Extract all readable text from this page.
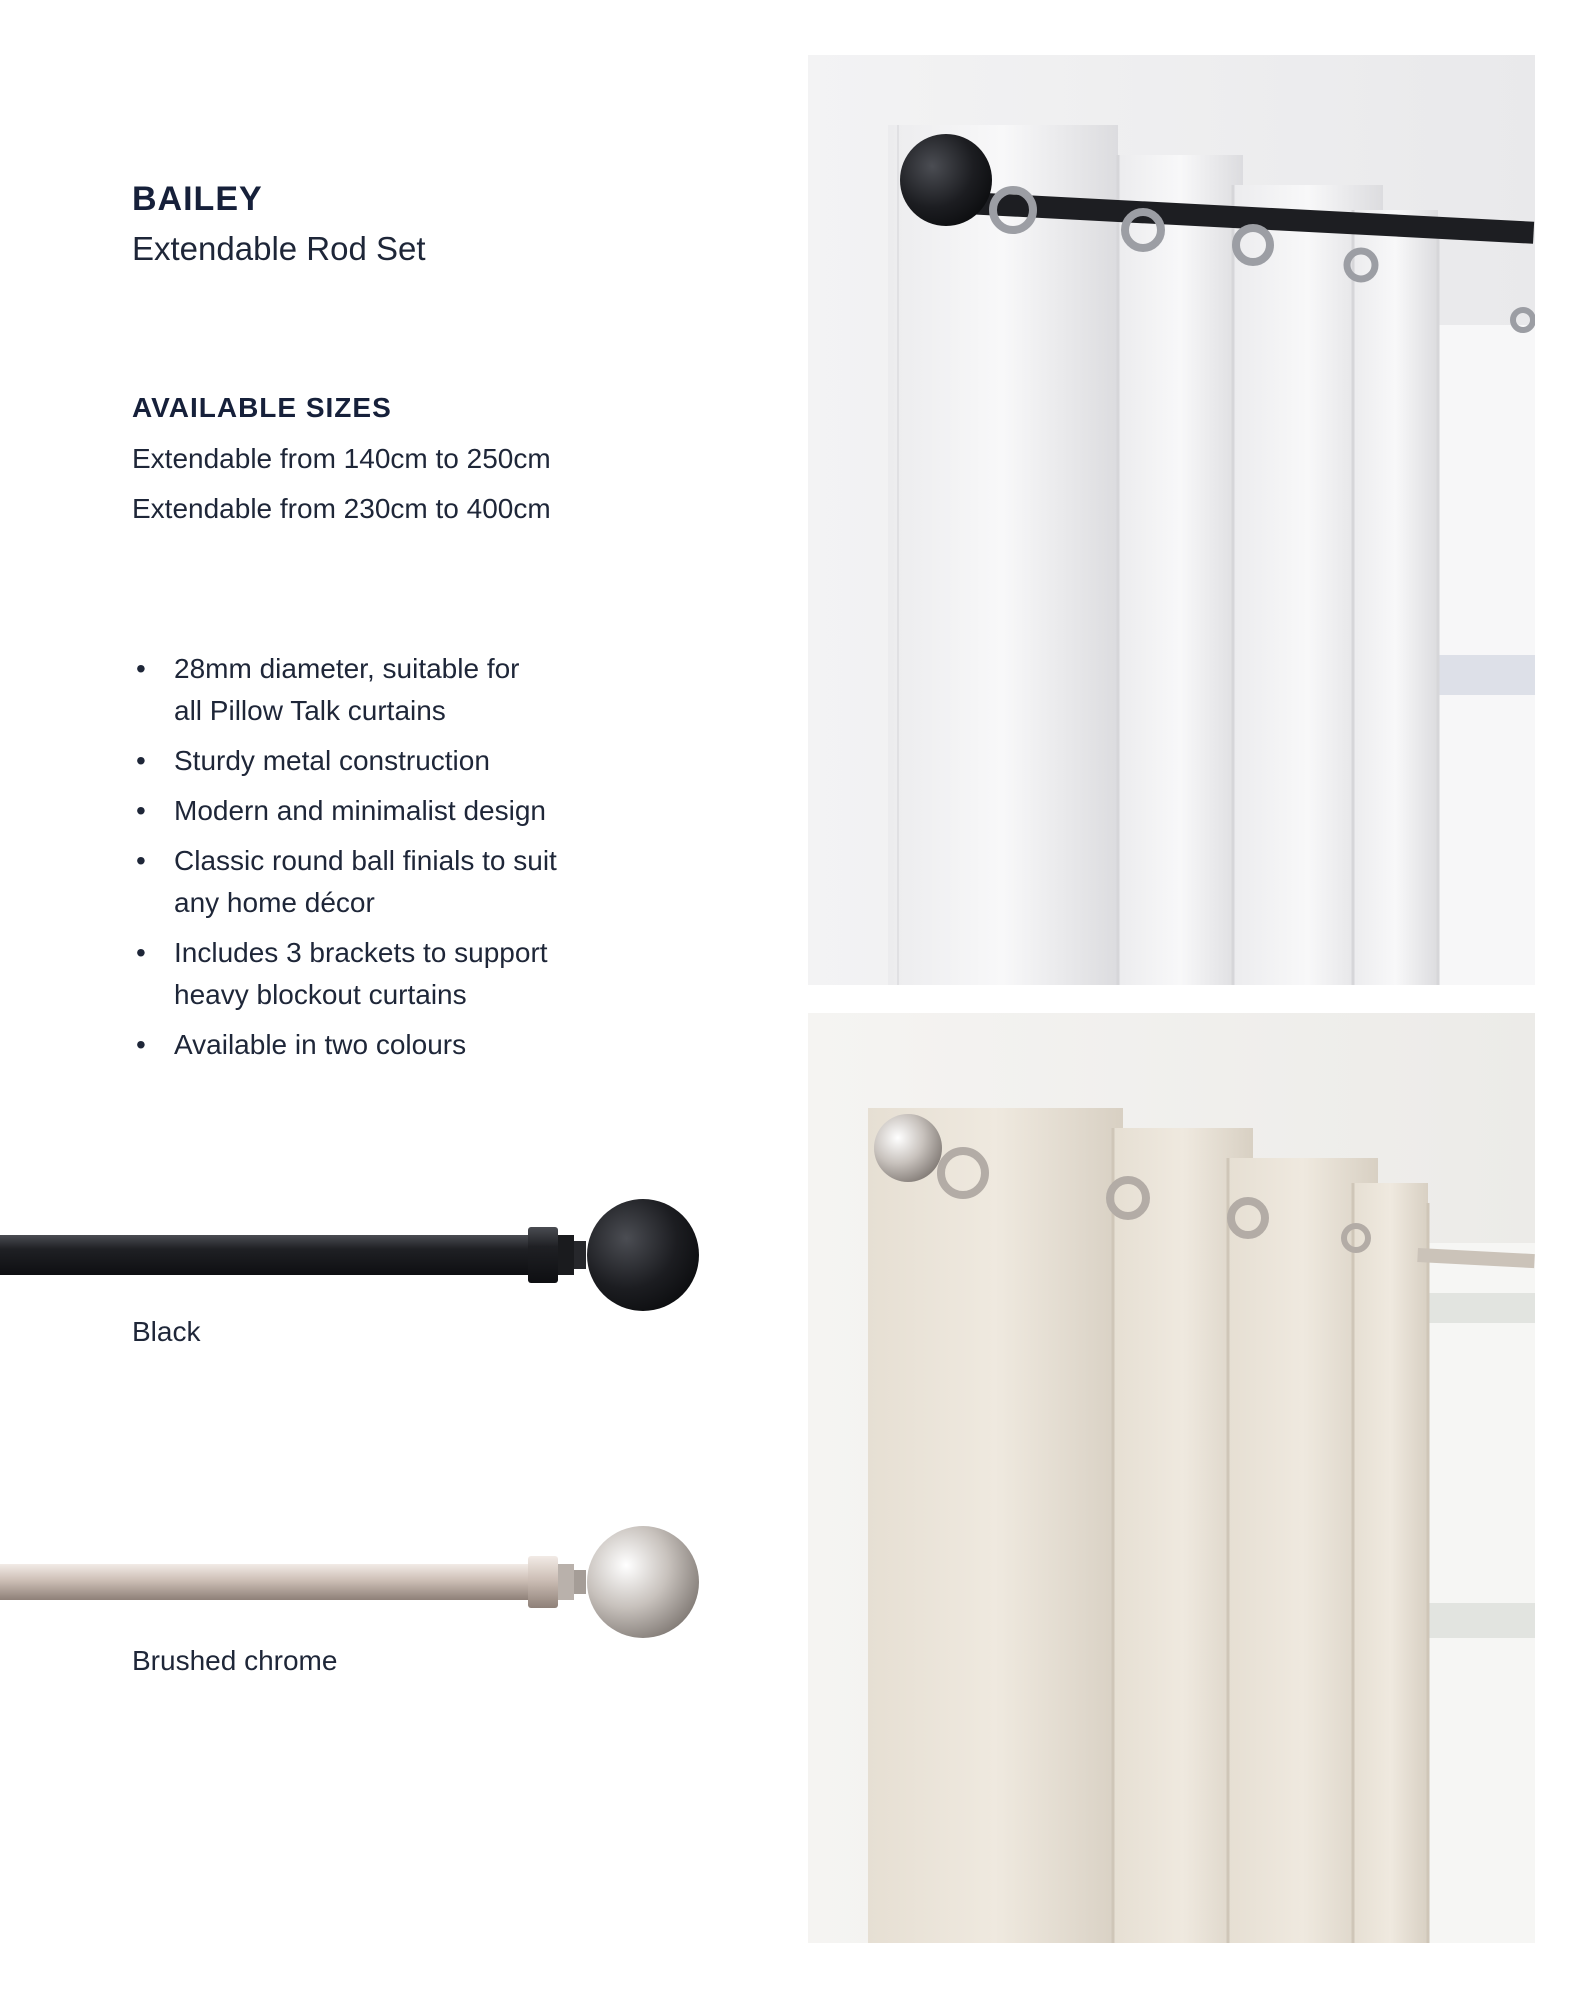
BAILEY
Extendable Rod Set
AVAILABLE SIZES
Extendable from 140cm to 250cm
Extendable from 230cm to 400cm
• 28mm diameter, suitable for
all Pillow Talk curtains
• Sturdy metal construction
• Modern and minimalist design
• Classic round ball finials to suit
any home décor
• Includes 3 brackets to support
heavy blockout curtains
• Available in two colours
Black
Brushed chrome
